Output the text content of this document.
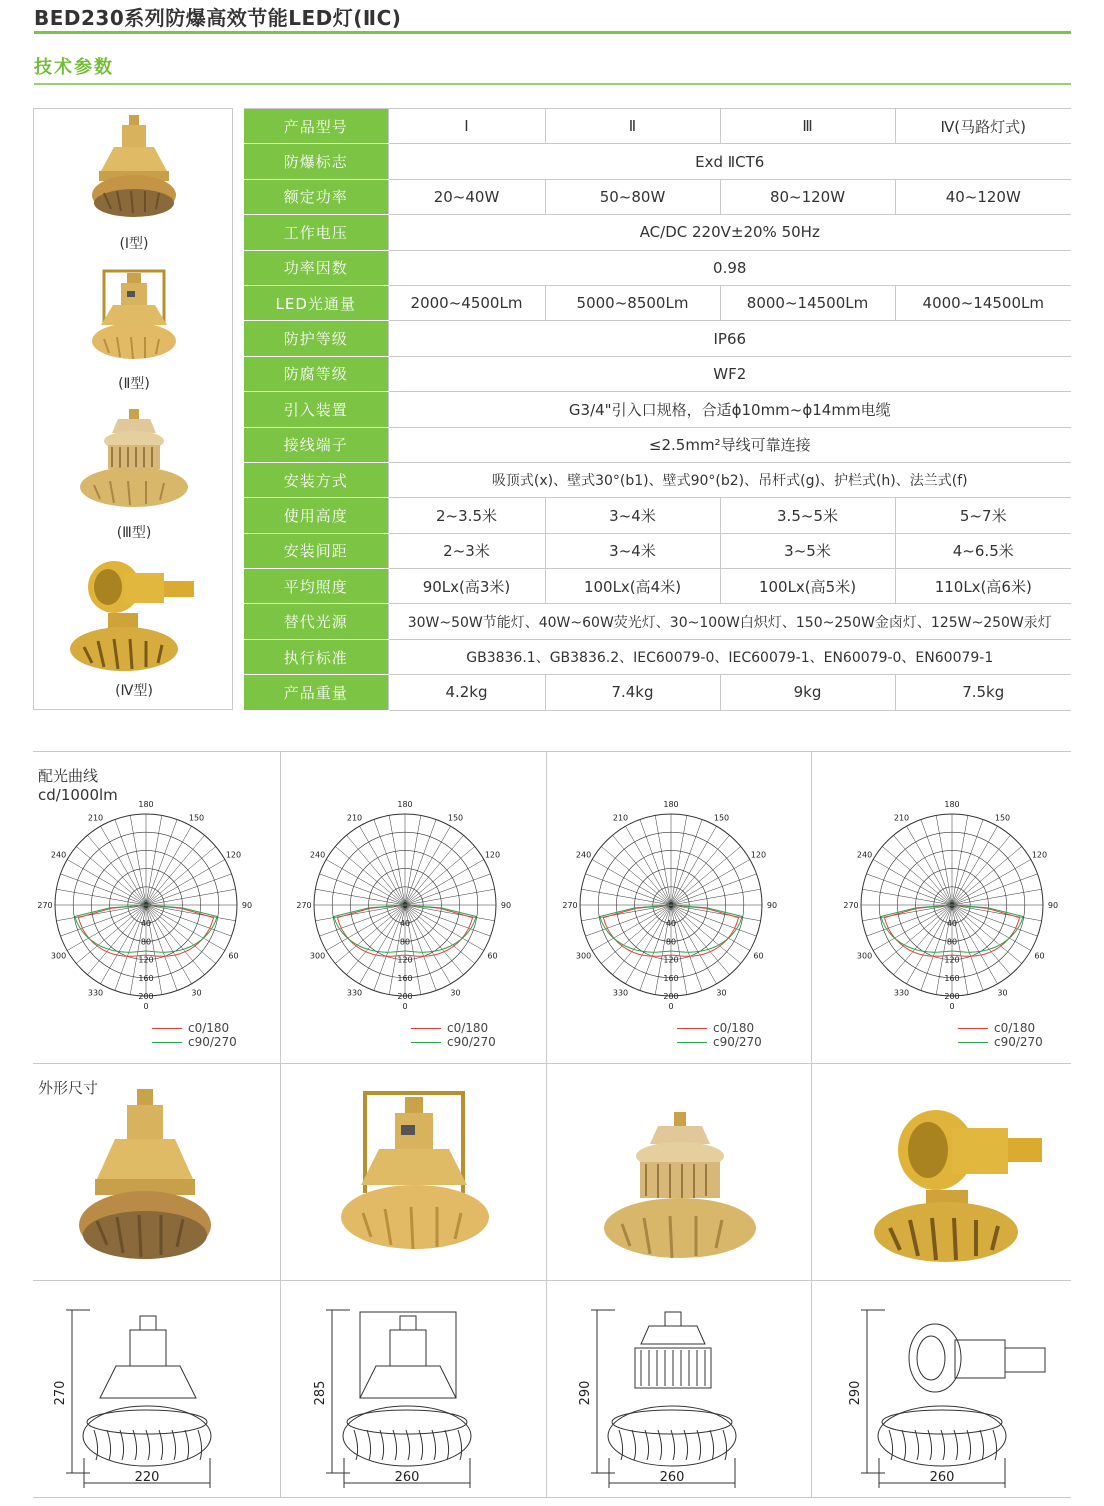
BED230系列防爆高效节能LED灯(ⅡC)
技术参数
(Ⅰ型)
(Ⅱ型)
(Ⅲ型)
(Ⅳ型)
产品型号	Ⅰ	Ⅱ	Ⅲ	Ⅳ(马路灯式)
防爆标志	Exd ⅡCT6			
额定功率	20~40W	50~80W	80~120W	40~120W
工作电压	AC/DC 220V±20% 50Hz			
功率因数	0.98			
LED光通量	2000~4500Lm	5000~8500Lm	8000~14500Lm	4000~14500Lm
防护等级	IP66			
防腐等级	WF2			
引入装置	G3/4"引入口规格，合适ϕ10mm~ϕ14mm电缆			
接线端子	≤2.5mm²导线可靠连接			
安装方式	吸顶式(x)、壁式30°(b1)、壁式90°(b2)、吊杆式(g)、护栏式(h)、法兰式(f)			
使用高度	2~3.5米	3~4米	3.5~5米	5~7米
安装间距	2~3米	3~4米	3~5米	4~6.5米
平均照度	90Lx(高3米)	100Lx(高4米)	100Lx(高5米)	110Lx(高6米)
替代光源	30W~50W节能灯、40W~60W荧光灯、30~100W白炽灯、150~250W金卤灯、125W~250W汞灯			
执行标准	GB3836.1、GB3836.2、IEC60079-0、IEC60079-1、EN60079-0、EN60079-1			
产品重量	4.2kg	7.4kg	9kg	7.5kg
配光曲线
cd/1000lm
外形尺寸
180
150
120
90
60
30
0
330
300
270
240
210
0
40
80
120
160
200
180
150
120
90
60
30
0
330
300
270
240
210
0
40
80
120
160
200
180
150
120
90
60
30
0
330
300
270
240
210
0
40
80
120
160
200
180
150
120
90
60
30
0
330
300
270
240
210
0
40
80
120
160
200
c0/180
c90/270
c0/180
c90/270
c0/180
c90/270
c0/180
c90/270
270
220
285
260
290
260
290
260
